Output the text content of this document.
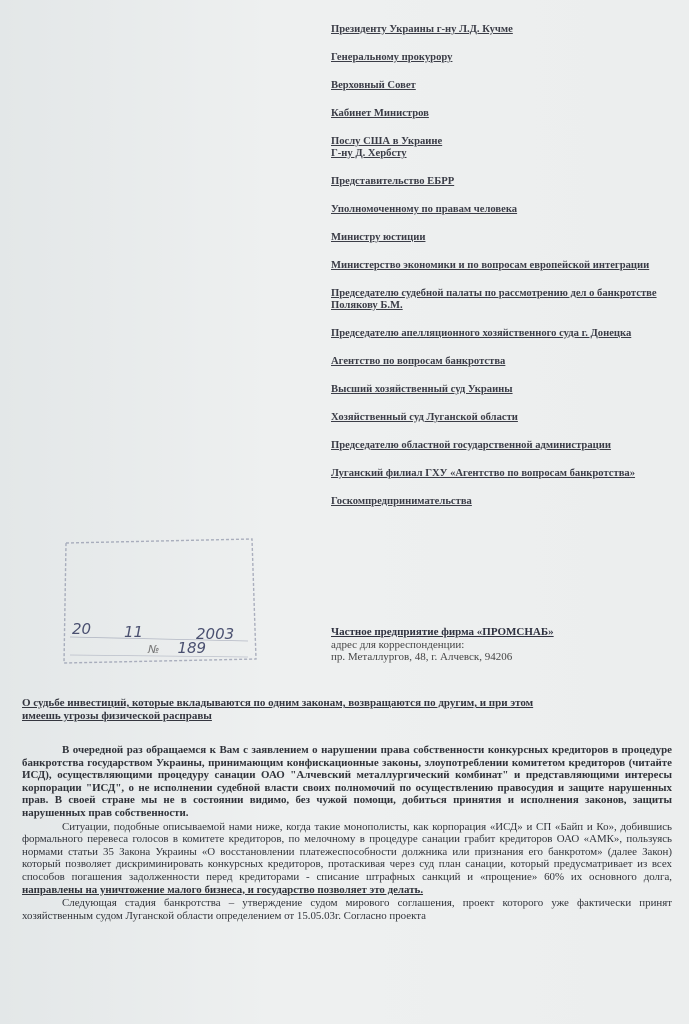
Президенту Украины г-ну Л.Д. Кучме
Генеральному прокурору
Верховный Совет
Кабинет Министров
Послу США в Украине
Г-ну Д. Хербсту
Представительство ЕБРР
Уполномоченному по правам человека
Министру юстиции
Министерство экономики и по вопросам европейской интеграции
Председателю судебной палаты по рассмотрению дел о банкротстве Полякову Б.М.
Председателю апелляционного хозяйственного суда г. Донецка
Агентство по вопросам банкротства
Высший хозяйственный суд Украины
Хозяйственный суд Луганской области
Председателю областной государственной администрации
Луганский филиал ГХУ «Агентство по вопросам банкротства»
Госкомпредпринимательства
20 11	2003
№ 189
Частное предприятие фирма «ПРОМСНАБ»
адрес для корреспонденции:
пр. Металлургов, 48, г. Алчевск, 94206
О судьбе инвестиций, которые вкладываются по одним законам, возвращаются по другим, и при этом имеешь угрозы физической расправы

В очередной раз обращаемся к Вам с заявлением о нарушении права собственности конкурсных кредиторов в процедуре банкротства государством Украины, принимающим конфискационные законы, злоупотреблении комитетом кредиторов (читайте ИСД), осуществляющими процедуру санации ОАО "Алчевский металлургический комбинат" и представляющими интересы корпорации "ИСД", о не исполнении судебной власти своих полномочий по осуществлению правосудия и защите нарушенных прав. В своей стране мы не в состоянии видимо, без чужой помощи, добиться принятия и исполнения законов, защиты нарушенных прав собственности.

Ситуации, подобные описываемой нами ниже, когда такие монополисты, как корпорация «ИСД» и СП «Байп и Ко», добившись формального перевеса голосов в комитете кредиторов, по мелочному в процедуре санации грабит кредиторов ОАО «АМК», пользуясь нормами статьи 35 Закона Украины «О восстановлении платежеспособности должника или признания его банкротом» (далее Закон) который позволяет дискриминировать конкурсных кредиторов, протаскивая через суд план санации, который предусматривает из всех способов погашения задолженности перед кредиторами - списание штрафных санкций и «прощение» 60% их основного долга, направлены на уничтожение малого бизнеса, и государство позволяет это делать.

Следующая стадия банкротства – утверждение судом мирового соглашения, проект которого уже фактически принят хозяйственным судом Луганской области определением от 15.05.03г. Согласно проекта
